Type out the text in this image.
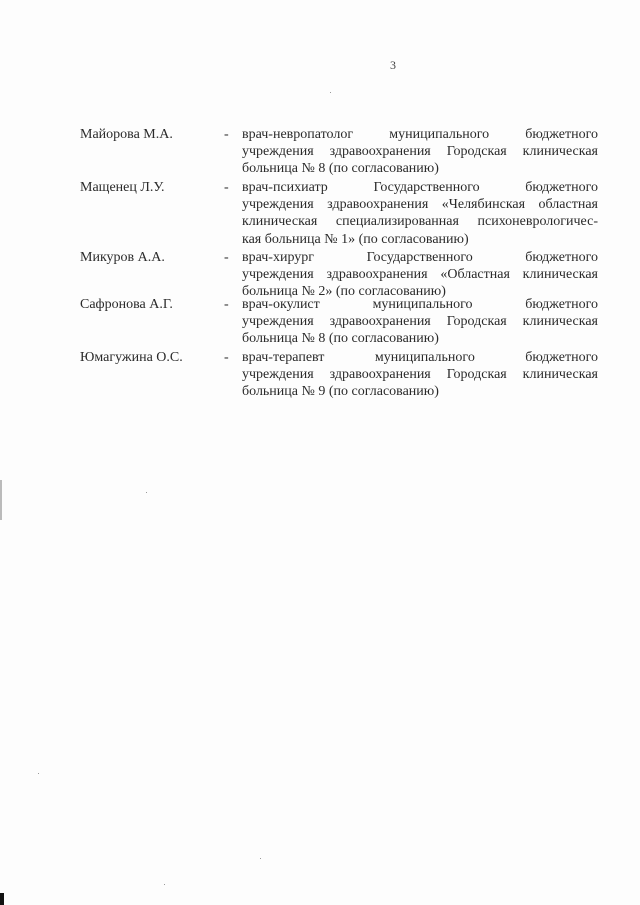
3
Майорова М.А.	- врач-невропатолог муниципального бюджетного
учреждения здравоохранения Городская клиническая
больница № 8 (по согласованию)
Мащенец Л.У.	- врач-психиатр Государственного бюджетного
учреждения здравоохранения «Челябинская областная
клиническая специализированная психоневрологичес-
кая больница № 1» (по согласованию)
Микуров А.А.	- врач-хирург Государственного бюджетного
учреждения здравоохранения «Областная клиническая
больница № 2» (по согласованию)
Сафронова А.Г.	- врач-окулист муниципального бюджетного
учреждения здравоохранения Городская клиническая
больница № 8 (по согласованию)
Юмагужина О.С.	- врач-терапевт муниципального бюджетного
учреждения здравоохранения Городская клиническая
больница № 9 (по согласованию)
